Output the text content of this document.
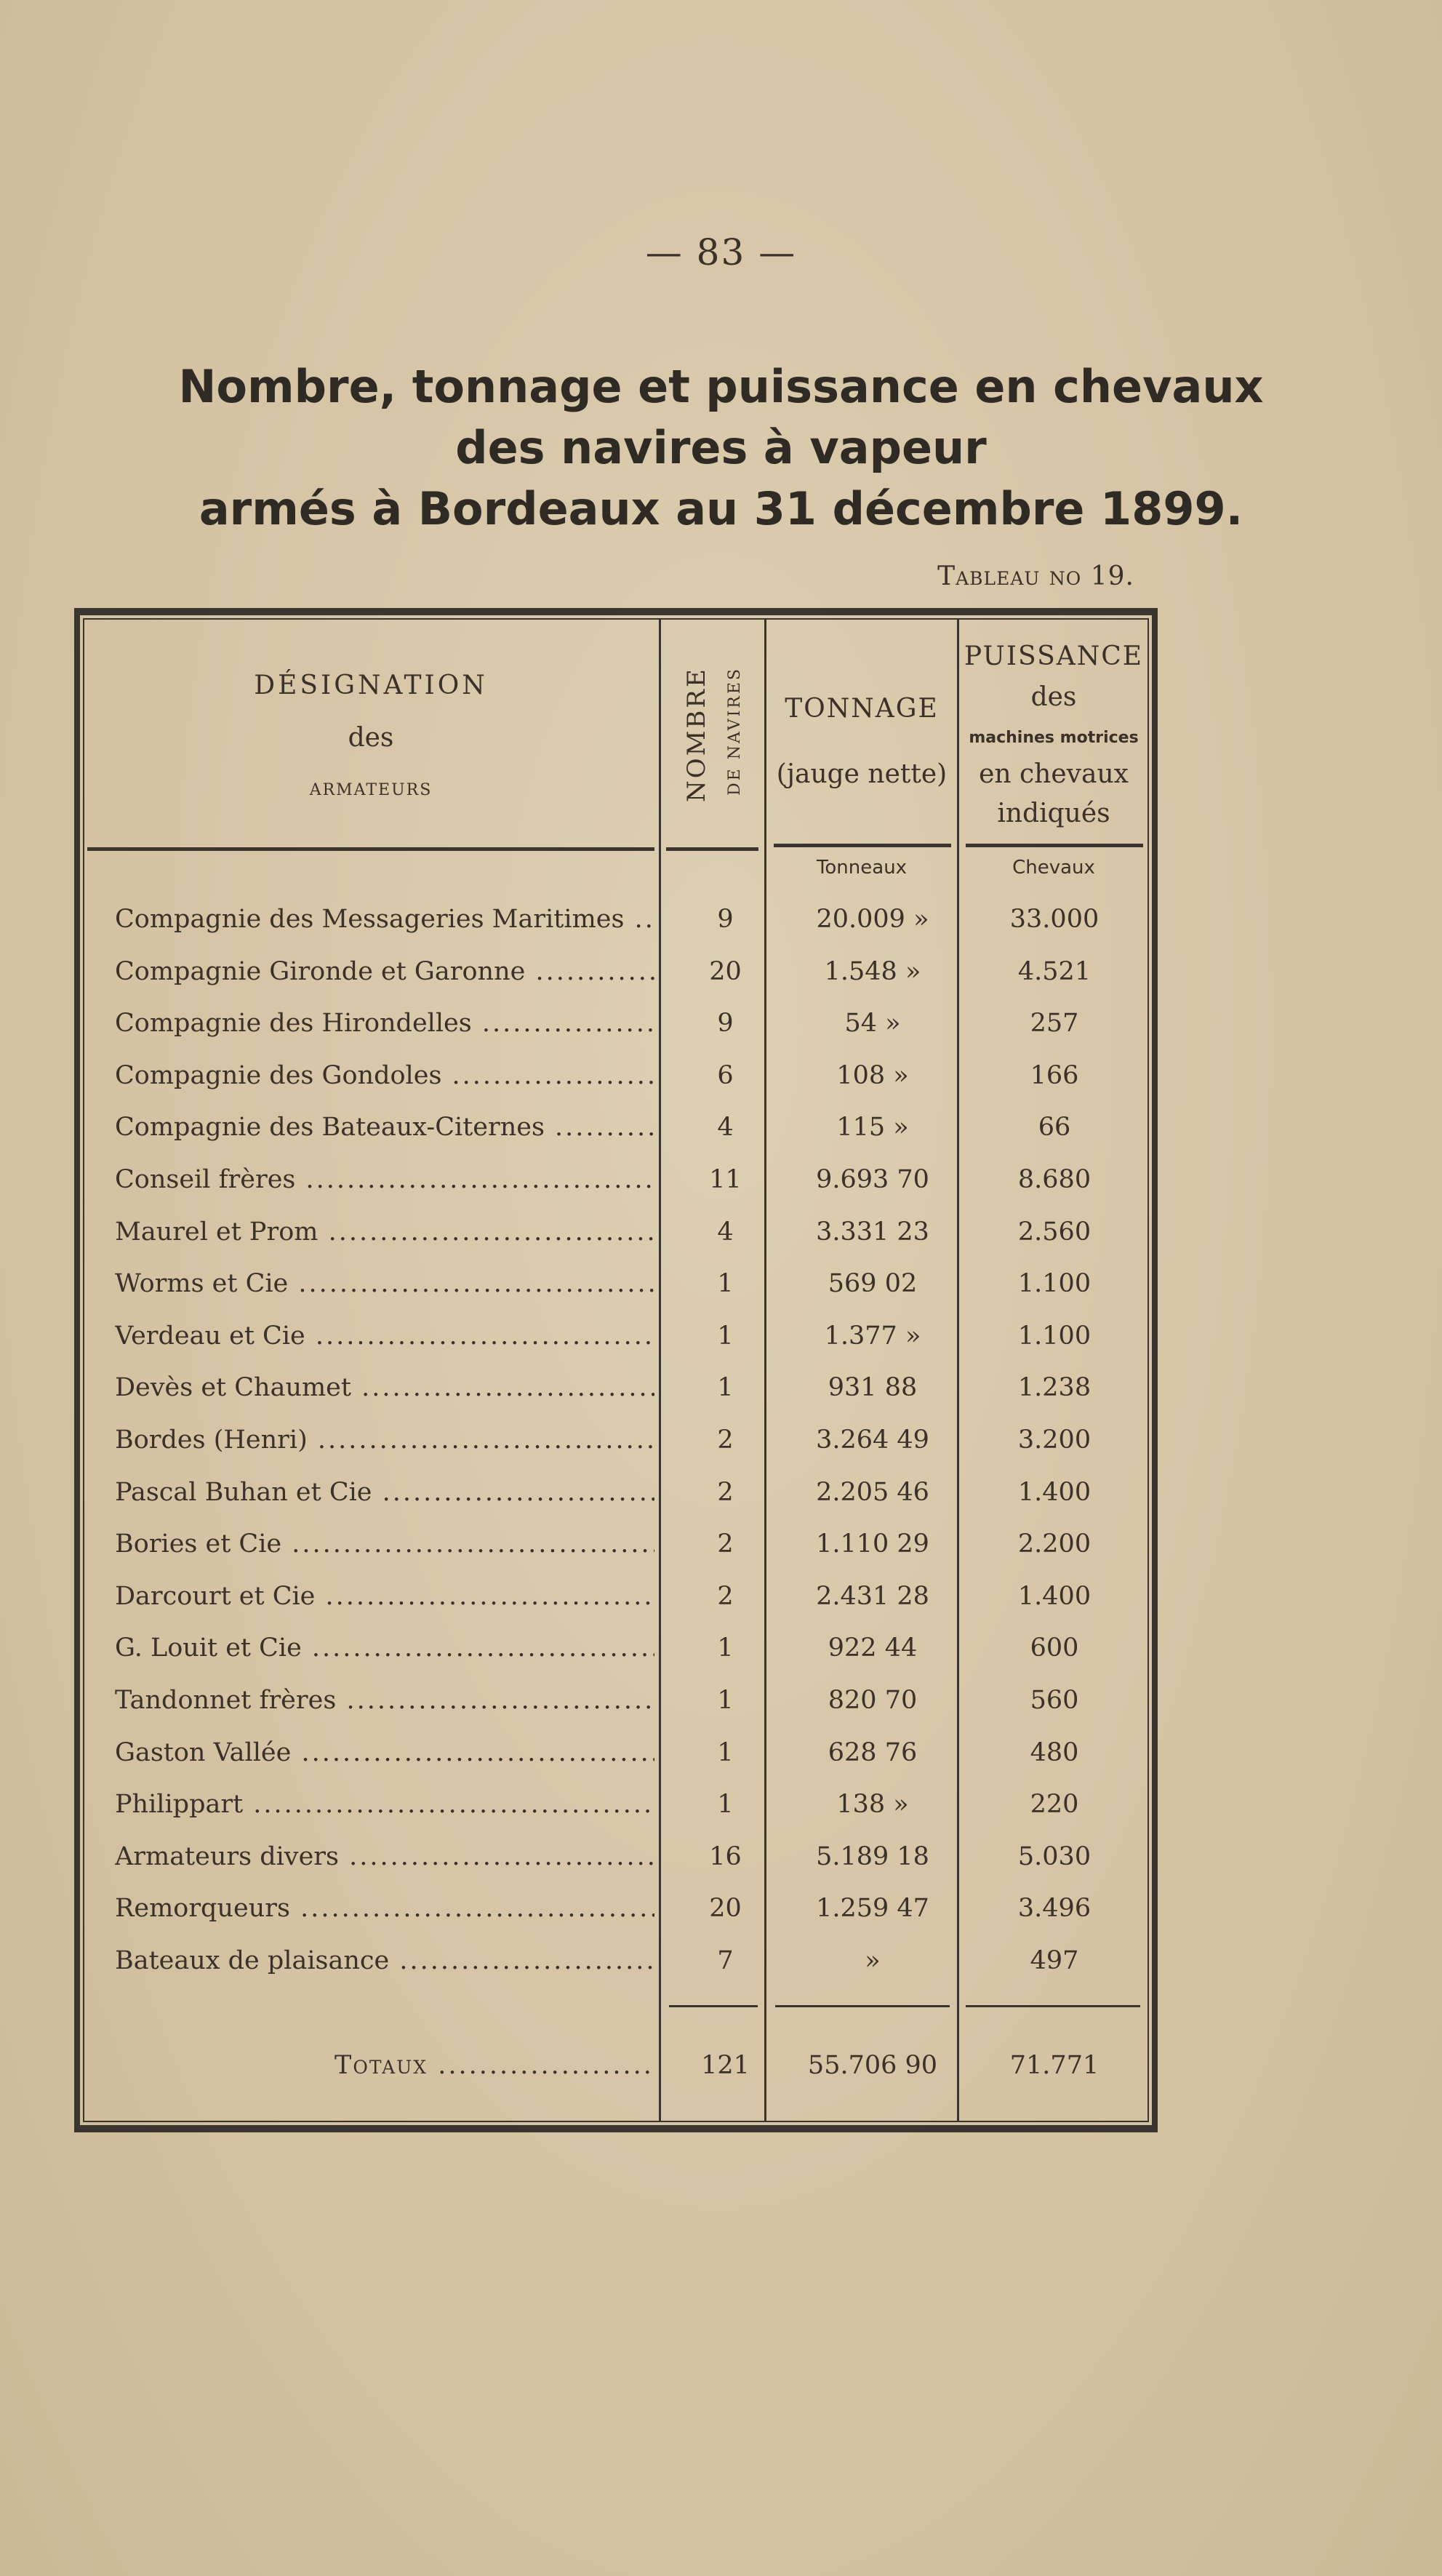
— 83 —
Nombre, tonnage et puissance en chevaux
des navires à vapeur
armés à Bordeaux au 31 décembre 1899.
Tableau no 19.
DÉSIGNATION
des
ARMATEURS	NOMBRE DE NAVIRES	TONNAGE
(jauge nette)
PUISSANCE
des
machines motrices
en chevaux
indiqués
Tonneaux	Chevaux
Compagnie des Messageries Maritimes .....	9	20.009 »	33.000
Compagnie Gironde et Garonne .....	20	1.548 »	4.521
Compagnie des Hirondelles .....	9	54 »	257
Compagnie des Gondoles .....	6	108 »	166
Compagnie des Bateaux-Citernes .....	4	115 »	66
Conseil frères .....	11	9.693 70	8.680
Maurel et Prom .....	4	3.331 23	2.560
Worms et Cie .....	1	569 02	1.100
Verdeau et Cie .....	1	1.377 »	1.100
Devès et Chaumet .....	1	931 88	1.238
Bordes (Henri) .....	2	3.264 49	3.200
Pascal Buhan et Cie .....	2	2.205 46	1.400
Bories et Cie .....	2	1.110 29	2.200
Darcourt et Cie .....	2	2.431 28	1.400
G. Louit et Cie .....	1	922 44	600
Tandonnet frères .....	1	820 70	560
Gaston Vallée .....	1	628 76	480
Philippart .....	1	138 »	220
Armateurs divers .....	16	5.189 18	5.030
Remorqueurs .....	20	1.259 47	3.496
Bateaux de plaisance .....	7	»	497
Totaux .....	121	55.706 90	71.771
